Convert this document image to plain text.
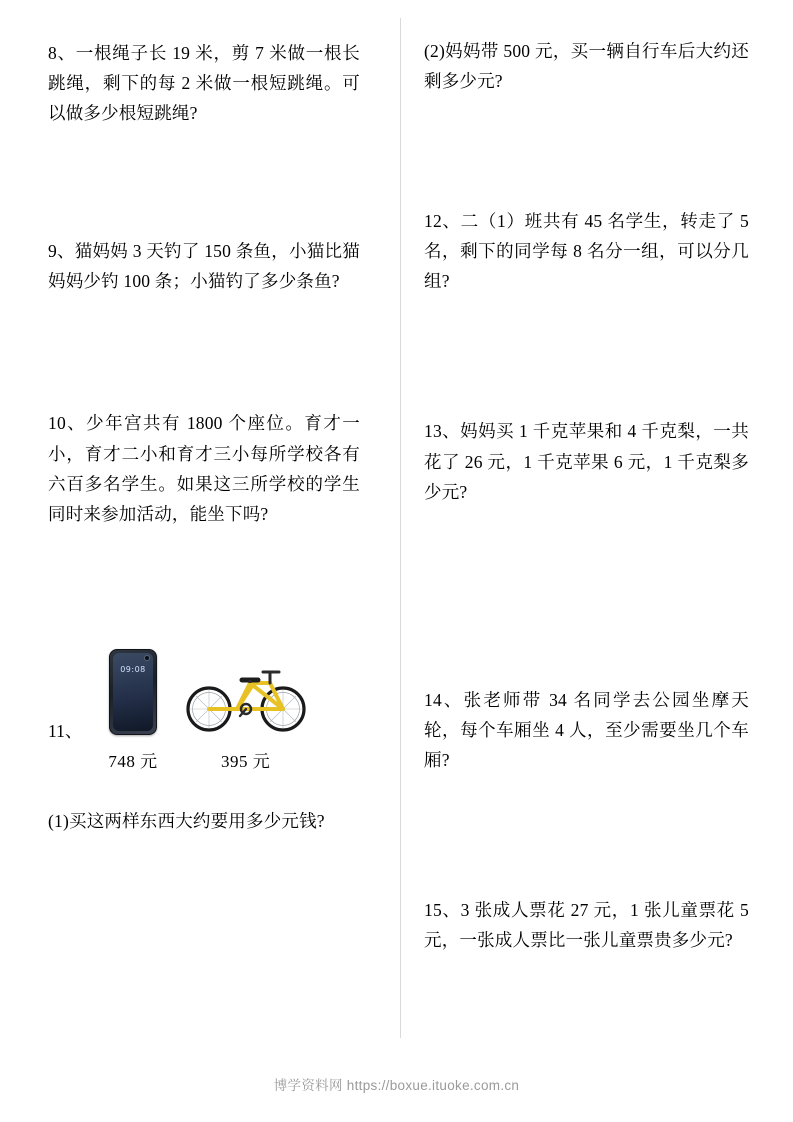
8、一根绳子长 19 米，剪 7 米做一根长跳绳，剩下的每 2 米做一根短跳绳。可以做多少根短跳绳?
9、猫妈妈 3 天钓了 150 条鱼，小猫比猫妈妈少钓 100 条；小猫钓了多少条鱼?
10、少年宫共有 1800 个座位。育才一小，育才二小和育才三小每所学校各有六百多名学生。如果这三所学校的学生同时来参加活动，能坐下吗?
11、
09:08
748 元	395 元
(1)买这两样东西大约要用多少元钱?
(2)妈妈带 500 元，买一辆自行车后大约还剩多少元?
12、二（1）班共有 45 名学生，转走了 5 名，剩下的同学每 8 名分一组，可以分几组?
13、妈妈买 1 千克苹果和 4 千克梨，一共花了 26 元，1 千克苹果 6 元，1 千克梨多少元?
14、张老师带 34 名同学去公园坐摩天轮，每个车厢坐 4 人，至少需要坐几个车厢?
15、3 张成人票花 27 元，1 张儿童票花 5 元，一张成人票比一张儿童票贵多少元?
博学资料网 https://boxue.ituoke.com.cn
